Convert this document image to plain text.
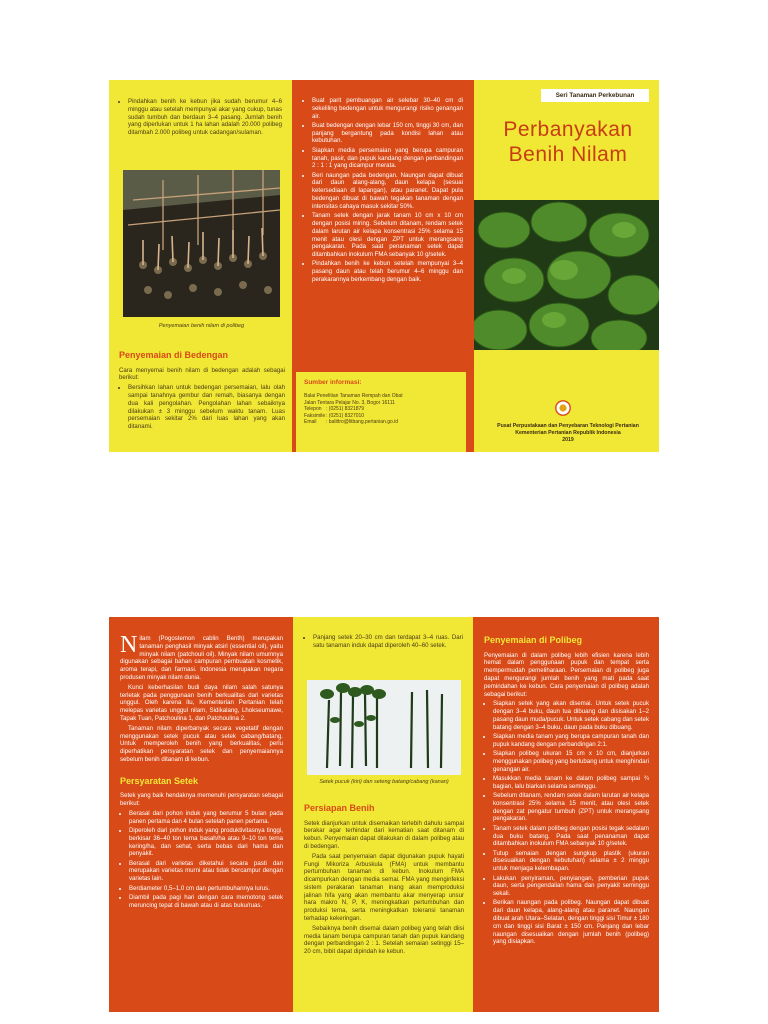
• Pindahkan benih ke kebun jika sudah berumur 4–6 minggu atau setelah mempunyai akar yang cukup, tunas sudah tumbuh dan berdaun 3–4 pasang. Jumlah benih yang diperlukan untuk 1 ha lahan adalah 20.000 polibeg ditambah 2.000 polibeg untuk cadangan/sulaman.
Penyemaian benih nilam di polibeg
Penyemaian di Bedengan

Cara menyemai benih nilam di bedengan adalah sebagai berikut:

• Bersihkan lahan untuk bedengan persemaian, lalu olah sampai tanahnya gembur dan remah, biasanya dengan dua kali pengolahan. Pengolahan lahan sebaiknya dilakukan ± 3 minggu sebelum waktu tanam. Luas persemaian sekitar 2% dari luas lahan yang akan ditanami.
• Buat parit pembuangan air selebar 30–40 cm di sekeliling bedengan untuk mengurangi risiko genangan air.
• Buat bedengan dengan lebar 150 cm, tinggi 30 cm, dan panjang bergantung pada kondisi lahan atau kebutuhan.
• Siapkan media persemaian yang berupa campuran tanah, pasir, dan pupuk kandang dengan perbandingan 2 : 1 : 1 yang dicampur merata.
• Beri naungan pada bedengan. Naungan dapat dibuat dari daun alang-alang, daun kelapa (sesuai ketersediaan di lapangan), atau paranet. Dapat pula bedengan dibuat di bawah tegakan tanaman dengan intensitas cahaya masuk sekitar 50%.
• Tanam setek dengan jarak tanam 10 cm x 10 cm dengan posisi miring. Sebelum ditanam, rendam setek dalam larutan air kelapa konsentrasi 25% selama 15 menit atau olesi dengan ZPT untuk merangsang pengakaran. Pada saat penanaman setek dapat ditambahkan inokulum FMA sebanyak 10 g/setek.
• Pindahkan benih ke kebun setelah mempunyai 3–4 pasang daun atau telah berumur 4–6 minggu dan perakarannya berkembang dengan baik.
Sumber informasi:
Balai Penelitian Tanaman Rempah dan Obat
Jalan Tentara Pelajar No. 3, Bogor 16111
Telepon : (0251) 8321879
Faksimile : (0251) 8327010
Email	: balittro@litbang.pertanian.go.id
Seri Tanaman Perkebunan
Perbanyakan
Benih Nilam
Pusat Perpustakaan dan Penyebaran Teknologi Pertanian
Kementerian Pertanian Republik Indonesia
2019

Nilam (Pogostemon cablin Benth) merupakan tanaman penghasil minyak atsiri (essential oil), yaitu minyak nilam (patchouli oil). Minyak nilam umumnya digunakan sebagai bahan campuran pembuatan kosmetik, aroma terapi, dan farmasi. Indonesia merupakan negara produsen minyak nilam dunia.

Kunci keberhasilan budi daya nilam salah satunya terletak pada penggunaan benih berkualitas dari varietas unggul. Oleh karena itu, Kementerian Pertanian telah melepas varietas unggul nilam, Sidikalang, Lhokseumawe, Tapak Tuan, Patchoulina 1, dan Patchoulina 2.

Tanaman nilam diperbanyak secara vegetatif dengan menggunakan setek pucuk atau setek cabang/batang. Untuk memperoleh benih yang berkualitas, perlu diperhatikan persyaratan setek dan penyemaiannya sebelum benih ditanam di kebun.

Persyaratan Setek

Setek yang baik hendaknya memenuhi persyaratan sebagai berikut:

• Berasal dari pohon induk yang berumur 5 bulan pada panen pertama dan 4 bulan setelah panen pertama.
• Diperoleh dari pohon induk yang produktivitasnya tinggi, berkisar 36–40 ton terna basah/ha atau 9–10 ton terna kering/ha, dan sehat, serta bebas dari hama dan penyakit.
• Berasal dari varietas diketahui secara pasti dan merupakan varietas murni atau tidak bercampur dengan varietas lain.
• Berdiameter 0,5–1,0 cm dan pertumbuhannya lurus.
• Diambil pada pagi hari dengan cara memotong setek meruncing tepat di bawah atau di atas buku/ruas.
• Panjang setek 20–30 cm dan terdapat 3–4 ruas. Dari satu tanaman induk dapat diperoleh 40–60 setek.
Setek pucuk (kiri) dan seteng batang/cabang (kanan)
Persiapan Benih

Setek dianjurkan untuk disemaikan terlebih dahulu sampai berakar agar terhindar dari kematian saat ditanam di kebun. Penyemaian dapat dilakukan di dalam polibeg atau di bedengan.

Pada saat penyemaian dapat digunakan pupuk hayati Fungi Mikoriza Arbuskula (FMA) untuk membantu pertumbuhan tanaman di kebun. Inokulum FMA dicampurkan dengan media semai. FMA yang menginfeksi sistem perakaran tanaman inang akan memproduksi jalinan hifa yang akan membantu akar menyerap unsur hara makro N, P, K, meningkatkan pertumbuhan dan produksi terna, serta meningkatkan toleransi tanaman terhadap kekeringan.

Sebaiknya benih disemai dalam polibeg yang telah diisi media tanam berupa campuran tanah dan pupuk kandang dengan perbandingan 2 : 1. Setelah semaian setinggi 15–20 cm, bibit dapat dipindah ke kebun.

Penyemaian di Polibeg

Penyemaian di dalam polibeg lebih efisien karena lebih hemat dalam penggunaan pupuk dan tempat serta mempermudah pemeliharaan. Persemaian di polibeg juga dapat mengurangi jumlah benih yang mati pada saat pemindahan ke kebun. Cara penyemaian di polibeg adalah sebagai berikut:

• Siapkan setek yang akan disemai. Untuk setek pucuk dengan 3–4 buku, daun tua dibuang dan disisakan 1–2 pasang daun muda/pucuk. Untuk setek cabang dan setek batang dengan 3–4 buku, daun pada buku dibuang.
• Siapkan media tanam yang berupa campuran tanah dan pupuk kandang dengan perbandingan 2:1.
• Siapkan polibeg ukuran 15 cm x 10 cm, dianjurkan menggunakan polibeg yang berlubang untuk menghindari genangan air.
• Masukkan media tanam ke dalam polibeg sampai ¾ bagian, lalu biarkan selama seminggu.
• Sebelum ditanam, rendam setek dalam larutan air kelapa konsentrasi 25% selama 15 menit, atau olesi setek dengan zat pengatur tumbuh (ZPT) untuk merangsang pengakaran.
• Tanam setek dalam polibeg dengan posisi tegak sedalam dua buku batang. Pada saat penanaman dapat ditambahkan inokulum FMA sebanyak 10 g/setek.
• Tutup semaian dengan sungkup plastik (ukuran disesuaikan dengan kebutuhan) selama ± 2 minggu untuk menjaga kelembapan.
• Lakukan penyiraman, penyiangan, pemberian pupuk daun, serta pengendalian hama dan penyakit seminggu sekali.
• Berikan naungan pada polibeg. Naungan dapat dibuat dari daun kelapa, alang-alang atau paranet. Naungan dibuat arah Utara–Selatan, dengan tinggi sisi Timur ± 180 cm dan tinggi sisi Barat ± 150 cm. Panjang dan lebar naungan disesuaikan dengan jumlah benih (polibeg) yang disiapkan.
